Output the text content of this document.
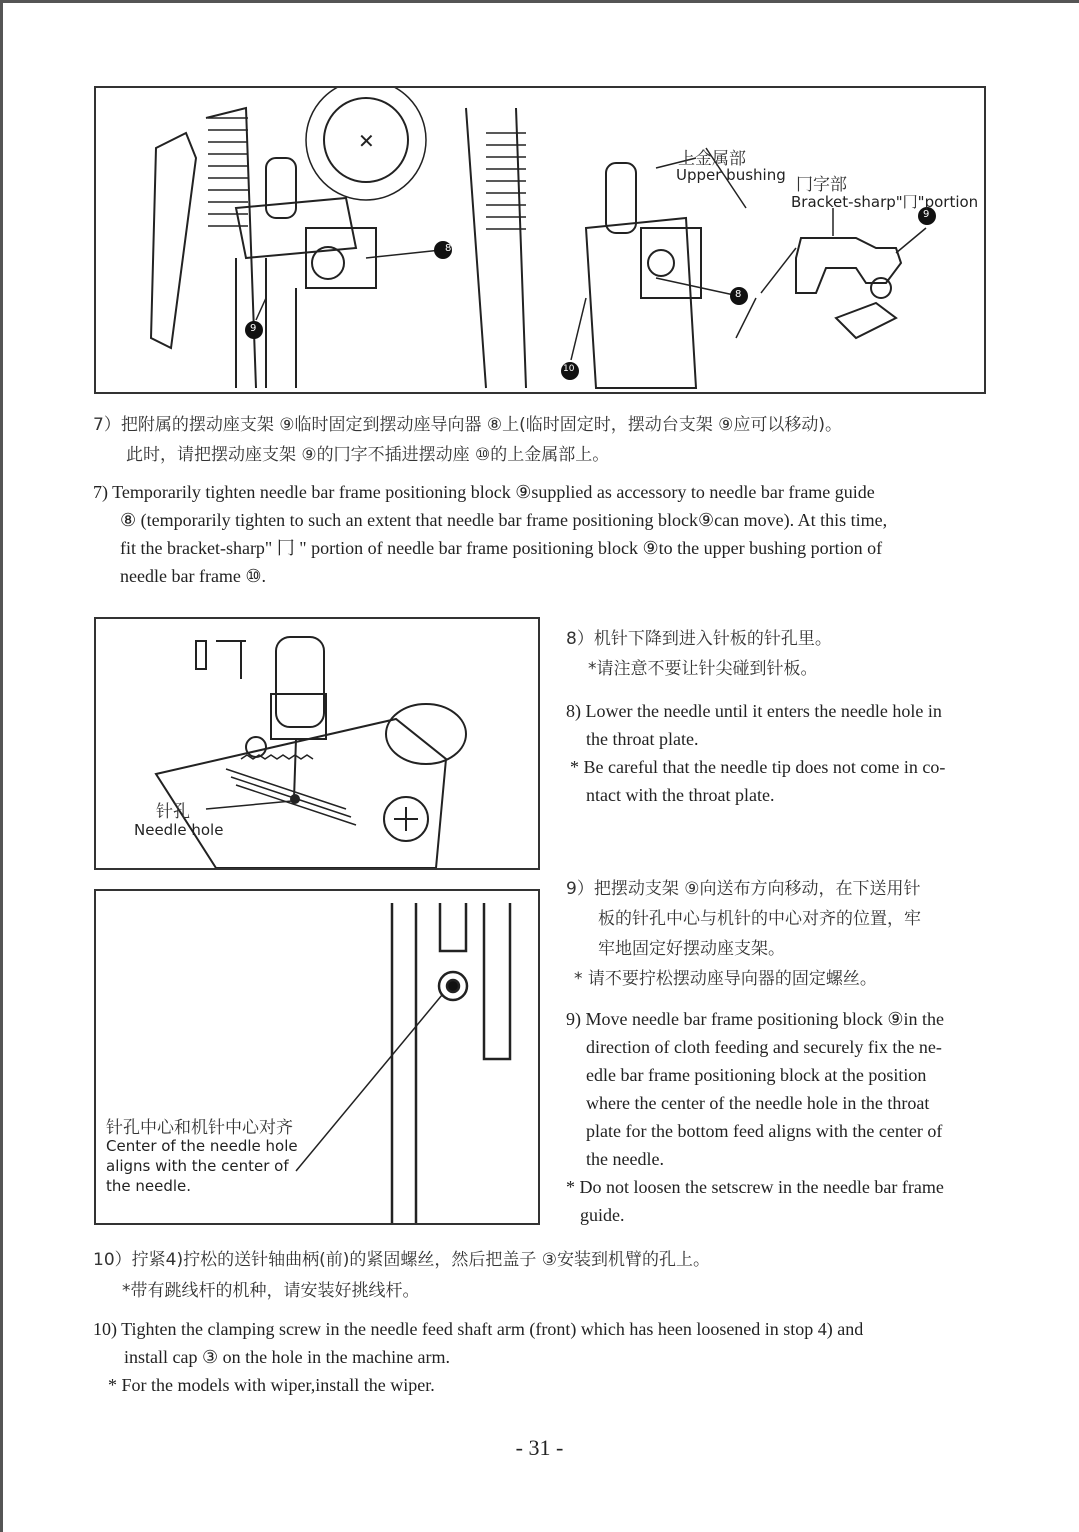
✕
8
9
8
10
9
上金属部
Upper bushing 冂字部
Bracket-sharp"冂"portion
7）把附属的摆动座支架 ⑨临时固定到摆动座导向器 ⑧上(临时固定时，摆动台支架 ⑨应可以移动)。
此时，请把摆动座支架 ⑨的冂字不插进摆动座 ⑩的上金属部上。
7) Temporarily tighten needle bar frame positioning block ⑨supplied as accessory to needle bar frame guide
⑧ (temporarily tighten to such an extent that needle bar frame positioning block⑨can move). At this time,
fit the bracket-sharp" 冂 " portion of needle bar frame positioning block ⑨to the upper bushing portion of
needle bar frame ⑩.
针孔
Needle hole
8）机针下降到进入针板的针孔里。
*请注意不要让针尖碰到针板。
8) Lower the needle until it enters the needle hole in
the throat plate.
* Be careful that the needle tip does not come in co-
ntact with the throat plate.
针孔中心和机针中心对齐
Center of the needle hole
aligns with the center of
the needle.
9）把摆动支架 ⑨向送布方向移动，在下送用针
板的针孔中心与机针的中心对齐的位置，牢
牢地固定好摆动座支架。
* 请不要拧松摆动座导向器的固定螺丝。
9) Move needle bar frame positioning block ⑨in the
direction of cloth feeding and securely fix the ne-
edle bar frame positioning block at the position
where the center of the needle hole in the throat
plate for the bottom feed aligns with the center of
the needle.
* Do not loosen the setscrew in the needle bar frame
guide.
10）拧紧4)拧松的送针轴曲柄(前)的紧固螺丝，然后把盖子 ③安装到机臂的孔上。
*带有跳线杆的机种，请安装好挑线杆。
10) Tighten the clamping screw in the needle feed shaft arm (front) which has heen loosened in stop 4) and
install cap ③ on the hole in the machine arm.
* For the models with wiper,install the wiper.
- 31 -
